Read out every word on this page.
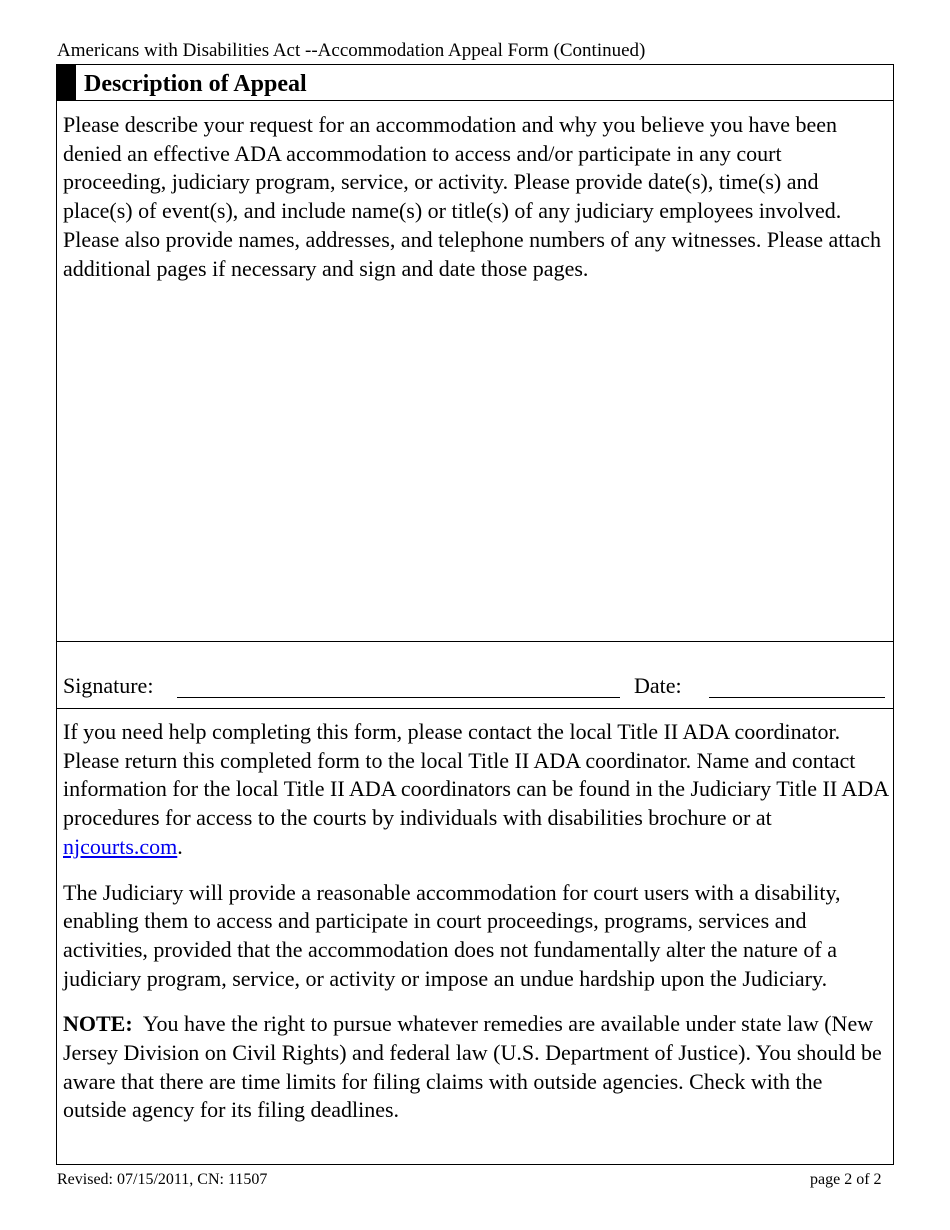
Americans with Disabilities Act --Accommodation Appeal Form (Continued)
Description of Appeal
Please describe your request for an accommodation and why you believe you have been denied an effective ADA accommodation to access and/or participate in any court proceeding, judiciary program, service, or activity. Please provide date(s), time(s) and place(s) of event(s), and include name(s) or title(s) of any judiciary employees involved. Please also provide names, addresses, and telephone numbers of any witnesses. Please attach additional pages if necessary and sign and date those pages.
Signature:	Date:

If you need help completing this form, please contact the local Title II ADA coordinator. Please return this completed form to the local Title II ADA coordinator. Name and contact information for the local Title II ADA coordinators can be found in the Judiciary Title II ADA procedures for access to the courts by individuals with disabilities brochure or at njcourts.com.

The Judiciary will provide a reasonable accommodation for court users with a disability, enabling them to access and participate in court proceedings, programs, services and activities, provided that the accommodation does not fundamentally alter the nature of a judiciary program, service, or activity or impose an undue hardship upon the Judiciary.

NOTE: You have the right to pursue whatever remedies are available under state law (New Jersey Division on Civil Rights) and federal law (U.S. Department of Justice). You should be aware that there are time limits for filing claims with outside agencies. Check with the outside agency for its filing deadlines.

Revised: 07/15/2011, CN: 11507	page 2 of 2
